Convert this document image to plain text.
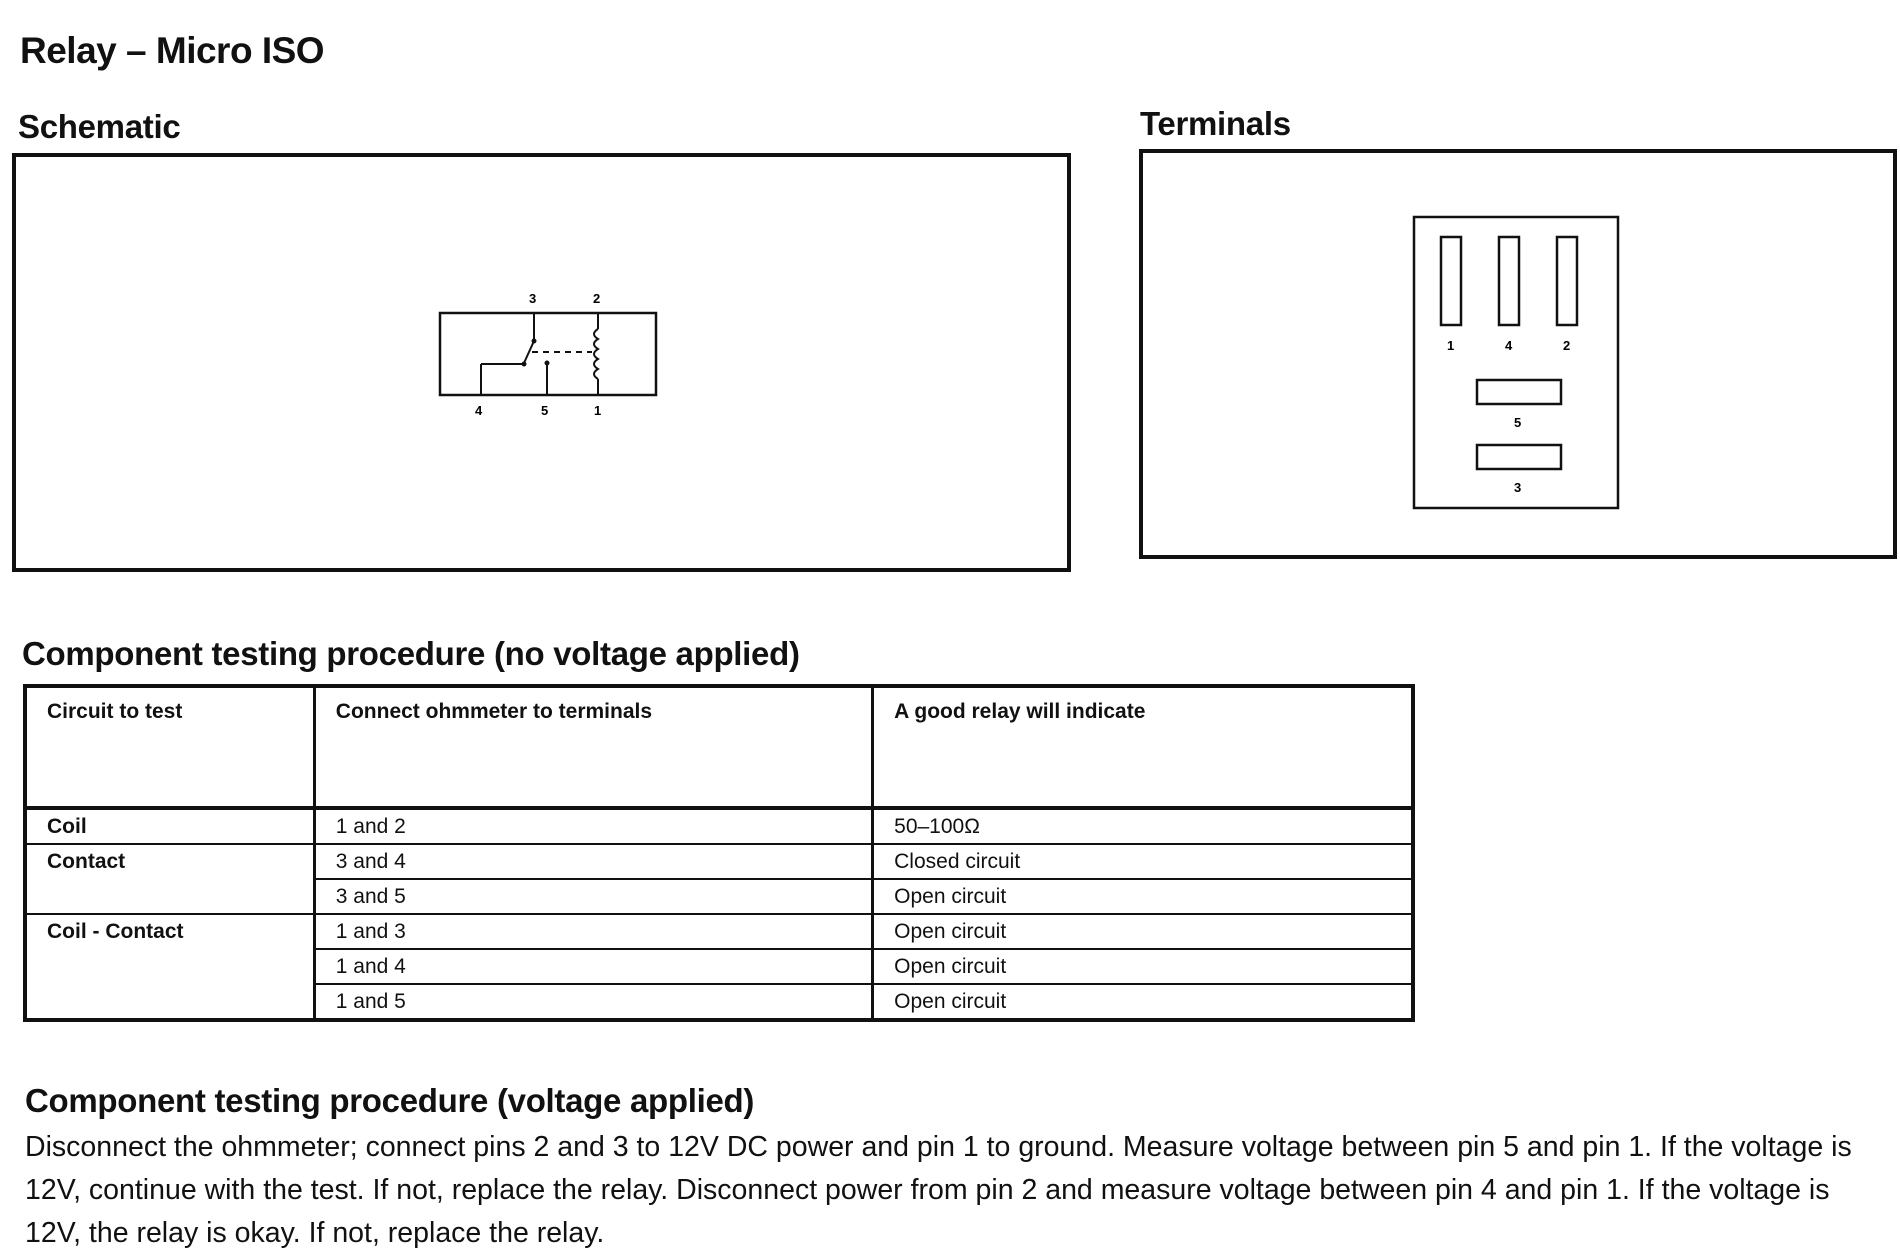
Relay – Micro ISO
Schematic
3	2
4	5	1
Terminals
1	4	2
5
3
Component testing procedure (no voltage applied)
Circuit to test	Connect ohmmeter to terminals	A good relay will indicate
Coil	1 and 2	50–100Ω
Contact	3 and 4	Closed circuit
	3 and 5	Open circuit
Coil - Contact	1 and 3	Open circuit
	1 and 4	Open circuit
	1 and 5	Open circuit
Component testing procedure (voltage applied)
Disconnect the ohmmeter; connect pins 2 and 3 to 12V DC power and pin 1 to ground. Measure voltage between pin 5 and pin 1. If the voltage is 12V, continue with the test. If not, replace the relay. Disconnect power from pin 2 and measure voltage between pin 4 and pin 1. If the voltage is 12V, the relay is okay. If not, replace the relay.
